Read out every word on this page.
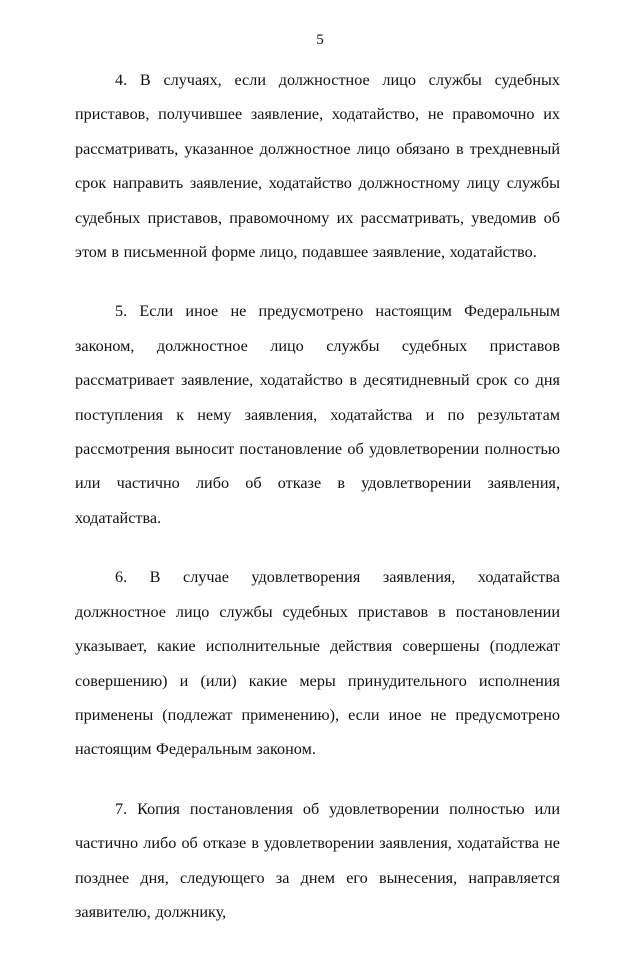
5

4. В случаях, если должностное лицо службы судебных приставов, получившее заявление, ходатайство, не правомочно их рассматривать, указанное должностное лицо обязано в трехдневный срок направить заявление, ходатайство должностному лицу службы судебных приставов, правомочному их рассматривать, уведомив об этом в письменной форме лицо, подавшее заявление, ходатайство.

5. Если иное не предусмотрено настоящим Федеральным законом, должностное лицо службы судебных приставов рассматривает заявление, ходатайство в десятидневный срок со дня поступления к нему заявления, ходатайства и по результатам рассмотрения выносит постановление об удовлетворении полностью или частично либо об отказе в удовлетворении заявления, ходатайства.

6. В случае удовлетворения заявления, ходатайства должностное лицо службы судебных приставов в постановлении указывает, какие исполнительные действия совершены (подлежат совершению) и (или) какие меры принудительного исполнения применены (подлежат применению), если иное не предусмотрено настоящим Федеральным законом.

7. Копия постановления об удовлетворении полностью или частично либо об отказе в удовлетворении заявления, ходатайства не позднее дня, следующего за днем его вынесения, направляется заявителю, должнику,
